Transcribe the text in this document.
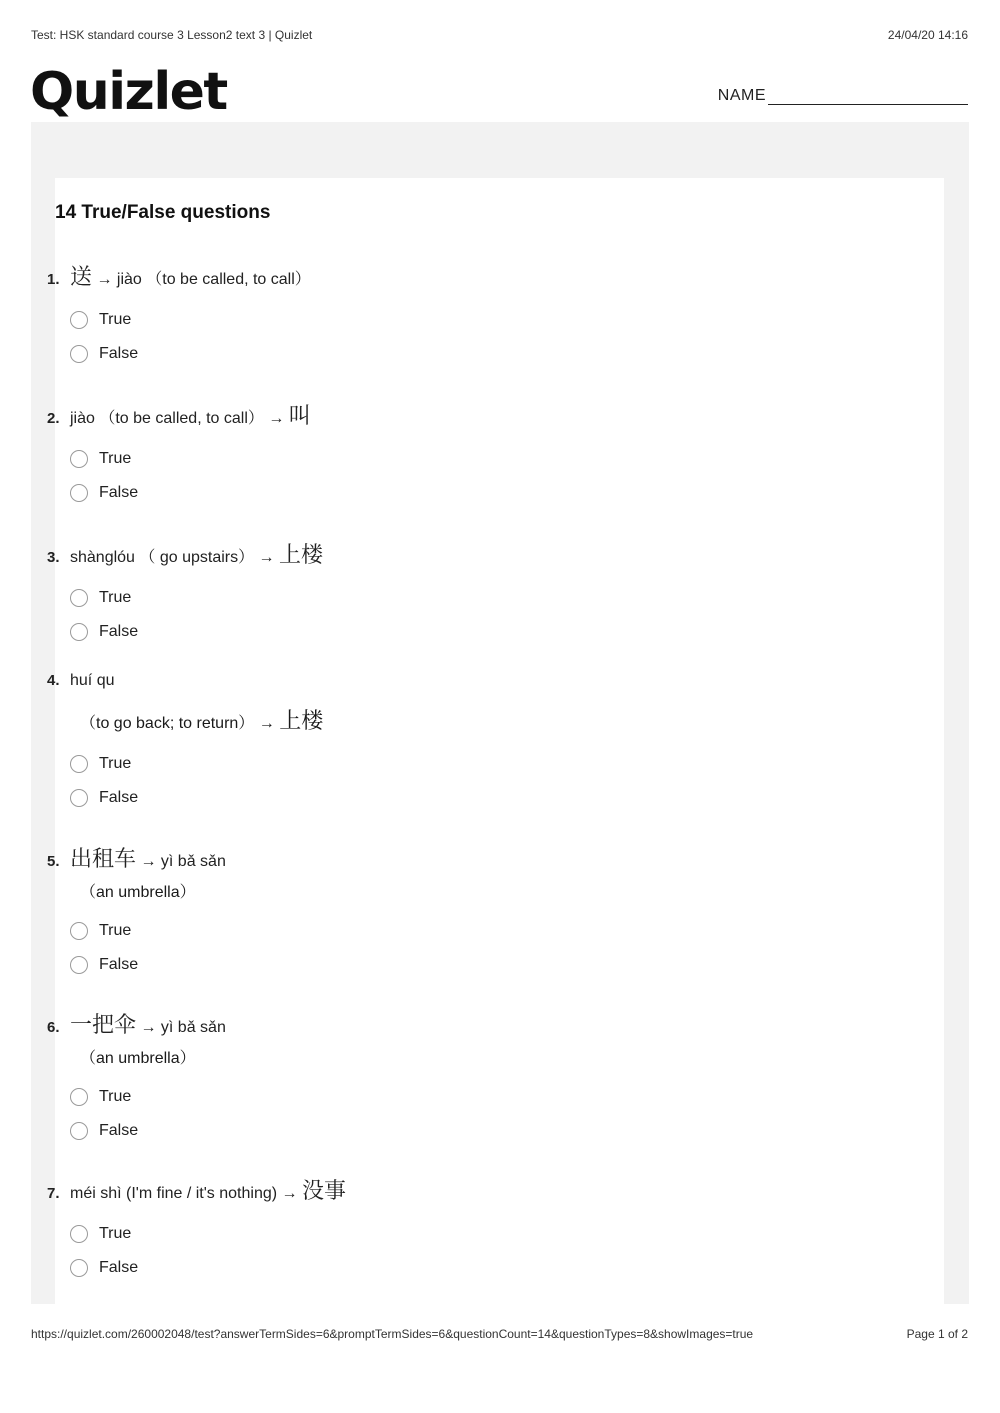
Test: HSK standard course 3 Lesson2 text 3 | Quizlet	24/04/20 14:16
Quizlet	NAME
14 True/False questions
1. 送 → jiào （to be called, to call）
True
False
2. jiào （to be called, to call） → 叫
True
False
3. shànglóu （ go upstairs） → 上楼
True
False
4. huí qu
（to go back; to return） → 上楼
True
False
5. 出租车 → yì bǎ sǎn
（an umbrella）
True
False
6. 一把伞 → yì bǎ sǎn
（an umbrella）
True
False
7. méi shì (I'm fine / it's nothing) → 没事
True
False
https://quizlet.com/260002048/test?answerTermSides=6&promptTermSides=6&questionCount=14&questionTypes=8&showImages=true	Page 1 of 2
